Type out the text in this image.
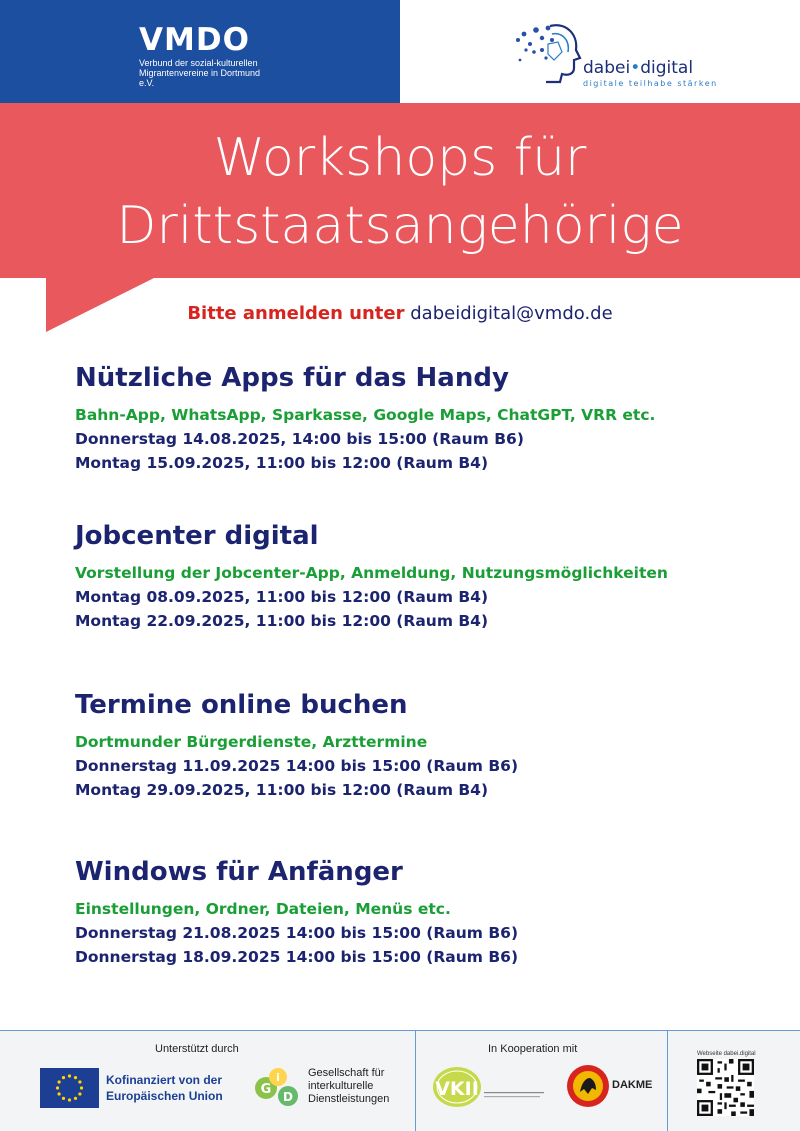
VMDO
Verbund der sozial-kulturellen Migrantenvereine in Dortmund e.V.
dabei•digital
digitale teilhabe stärken
Workshops für
Drittstaatsangehörige
Bitte anmelden unter dabeidigital@vmdo.de
Nützliche Apps für das Handy
Bahn-App, WhatsApp, Sparkasse, Google Maps, ChatGPT, VRR etc.
Donnerstag 14.08.2025, 14:00 bis 15:00 (Raum B6)
Montag 15.09.2025, 11:00 bis 12:00 (Raum B4)
Jobcenter digital
Vorstellung der Jobcenter-App, Anmeldung, Nutzungsmöglichkeiten
Montag 08.09.2025, 11:00 bis 12:00 (Raum B4)
Montag 22.09.2025, 11:00 bis 12:00 (Raum B4)
Termine online buchen
Dortmunder Bürgerdienste, Arzttermine
Donnerstag 11.09.2025 14:00 bis 15:00 (Raum B6)
Montag 29.09.2025, 11:00 bis 12:00 (Raum B4)
Windows für Anfänger
Einstellungen, Ordner, Dateien, Menüs etc.
Donnerstag 21.08.2025 14:00 bis 15:00 (Raum B6)
Donnerstag 18.09.2025 14:00 bis 15:00 (Raum B6)
Unterstützt durch
Kofinanziert von der
Europäischen Union	G
i
D
Gesellschaft für
interkulturelle
Dienstleistungen
In Kooperation mit
VKII	DAKME
Webseite dabei.digital
